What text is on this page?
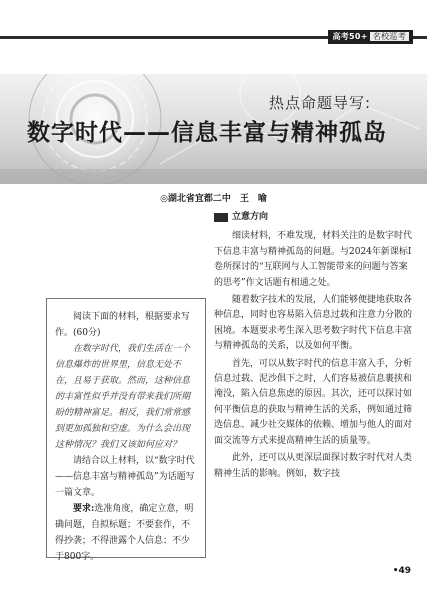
高考50+ 名校巡考
热点命题导写:
数字时代——信息丰富与精神孤岛
◎湖北省宜都二中　王　喻

阅读下面的材料，根据要求写作。(60分)

在数字时代，我们生活在一个信息爆炸的世界里，信息无处不在，且易于获取。然而，这种信息的丰富性似乎并没有带来我们所期盼的精神富足。相反，我们常常感到更加孤独和空虚。为什么会出现这种情况？我们又该如何应对？

请结合以上材料，以“数字时代——信息丰富与精神孤岛”为话题写一篇文章。

要求:选准角度，确定立意，明确问题，自拟标题；不要套作，不得抄袭；不得泄露个人信息；不少于800字。

立意方向

细读材料，不难发现，材料关注的是数字时代下信息丰富与精神孤岛的问题。与2024年新课标Ⅰ卷所探讨的“互联网与人工智能带来的问题与答案的思考”作文话题有相通之处。

随着数字技术的发展，人们能够便捷地获取各种信息，同时也容易陷入信息过载和注意力分散的困境。本题要求考生深入思考数字时代下信息丰富与精神孤岛的关系，以及如何平衡。

首先，可以从数字时代的信息丰富入手，分析信息过载、泥沙俱下之时，人们容易被信息裹挟和淹没，陷入信息焦虑的原因。其次，还可以探讨如何平衡信息的获取与精神生活的关系，例如通过筛选信息、减少社交媒体的依赖、增加与他人的面对面交流等方式来提高精神生活的质量等。

此外，还可以从更深层面探讨数字时代对人类精神生活的影响。例如，数字技

•49
